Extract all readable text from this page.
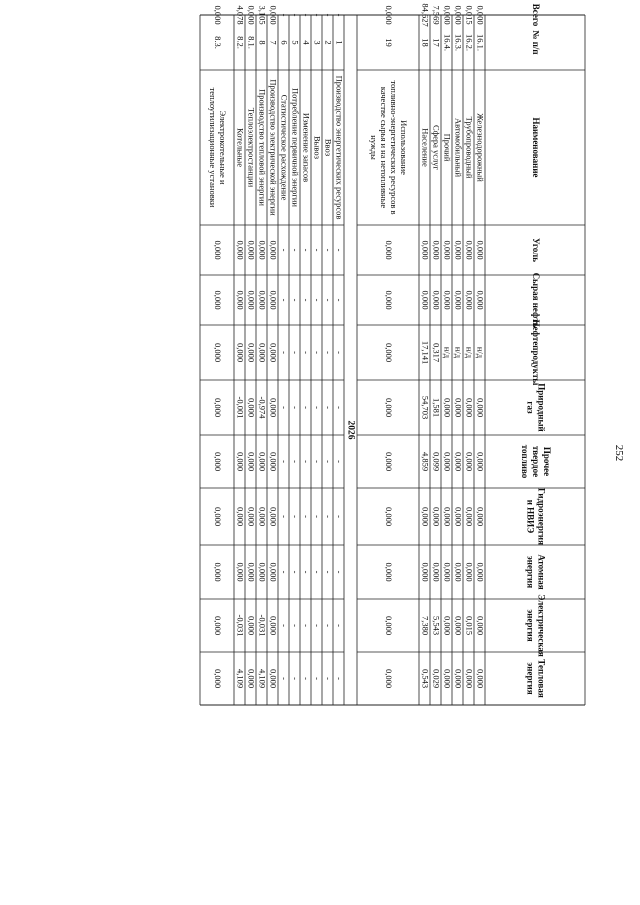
№ п/п
Наименование
Уголь
Сырая нефть
Нефтепродукты
Природный
газ
Прочее
твердое
топливо
Гидроэнергия
и НВИЭ
Атомная
энергия
Электрическая
энергия
Тепловая
энергия
Всего
16.1.
Железнодорожный
0,000
0,000
н/д
0,000
0,000
0,000
0,000
0,000
0,000
0,000
16.2.
Трубопроводный
0,000
0,000
н/д
0,000
0,000
0,000
0,000
0,015
0,000
0,015
16.3.
Автомобильный
0,000
0,000
н/д
0,000
0,000
0,000
0,000
0,000
0,000
0,000
16.4.
Прочий
0,000
0,000
н/д
0,000
0,000
0,000
0,000
0,000
0,000
0,000
17
Сфера услуг
0,000
0,000
0,317
1,581
0,099
0,000
0,000
5,543
0,029
7,569
18
Население
0,000
0,000
17,141
54,703
4,859
0,000
0,000
7,380
0,543
84,627
19
Использование
топливно-энергетических ресурсов в
качестве сырья и на нетопливные
нужды
0,000
0,000
0,000
0,000
0,000
0,000
0,000
0,000
0,000
0,000
2026
1
Производство энергетических ресурсов
-
-
-
-
-
-
-
-
-
-
2
Ввоз
-
-
-
-
-
-
-
-
-
-
3
Вывоз
-
-
-
-
-
-
-
-
-
-
4
Изменение запасов
-
-
-
-
-
-
-
-
-
-
5
Потребление первичной энергии
-
-
-
-
-
-
-
-
-
-
6
Статистическое расхождение
-
-
-
-
-
-
-
-
-
-
7
Производство электрической энергии
0,000
0,000
0,000
0,000
0,000
0,000
0,000
0,000
0,000
0,000
8
Производство тепловой энергии
0,000
0,000
0,000
-0,974
0,000
0,000
0,000
-0,031
4,109
3,105
8.1.
Теплоэлектростанции
0,000
0,000
0,000
0,000
0,000
0,000
0,000
0,000
0,000
0,000
8.2.
Котельные
0,000
0,000
0,000
-0,001
0,000
0,000
0,000
-0,031
4,109
4,078
8.3.
Электрокотельные и
теплоутилизационные установки
0,000
0,000
0,000
0,000
0,000
0,000
0,000
0,000
0,000
0,000
252
